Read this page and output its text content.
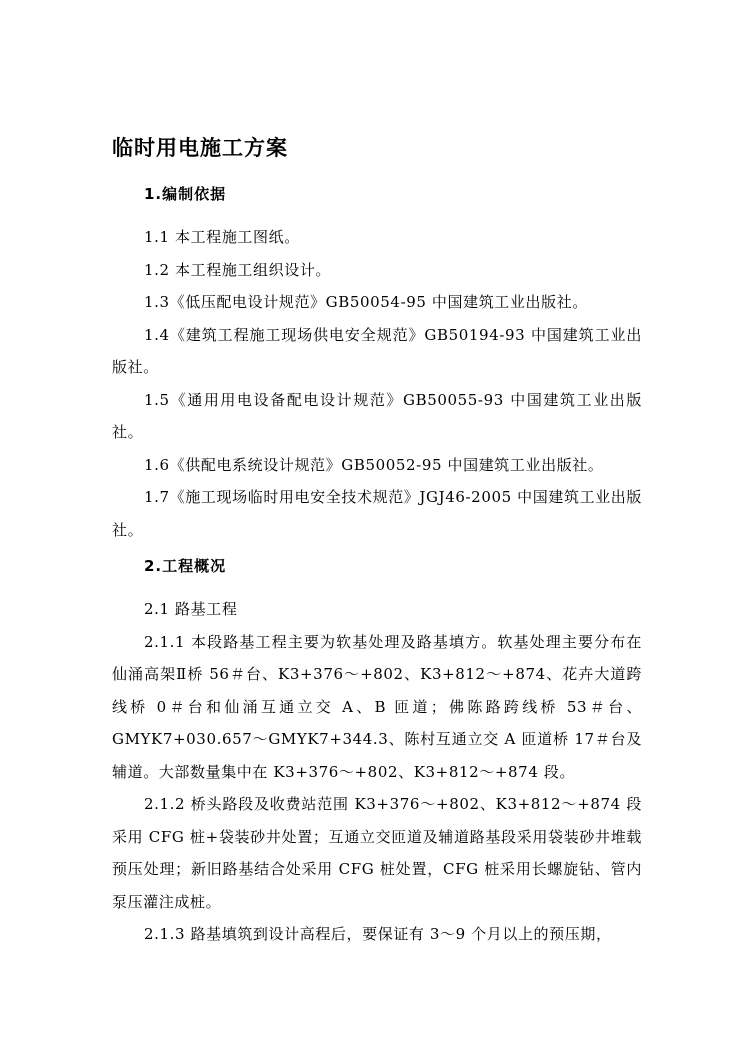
临时用电施工方案
1.编制依据

1.1 本工程施工图纸。

1.2 本工程施工组织设计。

1.3《低压配电设计规范》GB50054-95 中国建筑工业出版社。

1.4《建筑工程施工现场供电安全规范》GB50194-93 中国建筑工业出版社。

1.5《通用用电设备配电设计规范》GB50055-93 中国建筑工业出版社。

1.6《供配电系统设计规范》GB50052-95 中国建筑工业出版社。

1.7《施工现场临时用电安全技术规范》JGJ46-2005 中国建筑工业出版社。

2.工程概况

2.1 路基工程

2.1.1 本段路基工程主要为软基处理及路基填方。软基处理主要分布在仙涌高架Ⅱ桥 56＃台、K3+376～+802、K3+812～+874、花卉大道跨线桥 0＃台和仙涌互通立交 A、B 匝道；佛陈路跨线桥 53＃台、GMYK7+030.657～GMYK7+344.3、陈村互通立交 A 匝道桥 17＃台及辅道。大部数量集中在 K3+376～+802、K3+812～+874 段。

2.1.2 桥头路段及收费站范围 K3+376～+802、K3+812～+874 段采用 CFG 桩+袋装砂井处置；互通立交匝道及辅道路基段采用袋装砂井堆载预压处理；新旧路基结合处采用 CFG 桩处置，CFG 桩采用长螺旋钻、管内泵压灌注成桩。

2.1.3 路基填筑到设计高程后，要保证有 3～9 个月以上的预压期，
